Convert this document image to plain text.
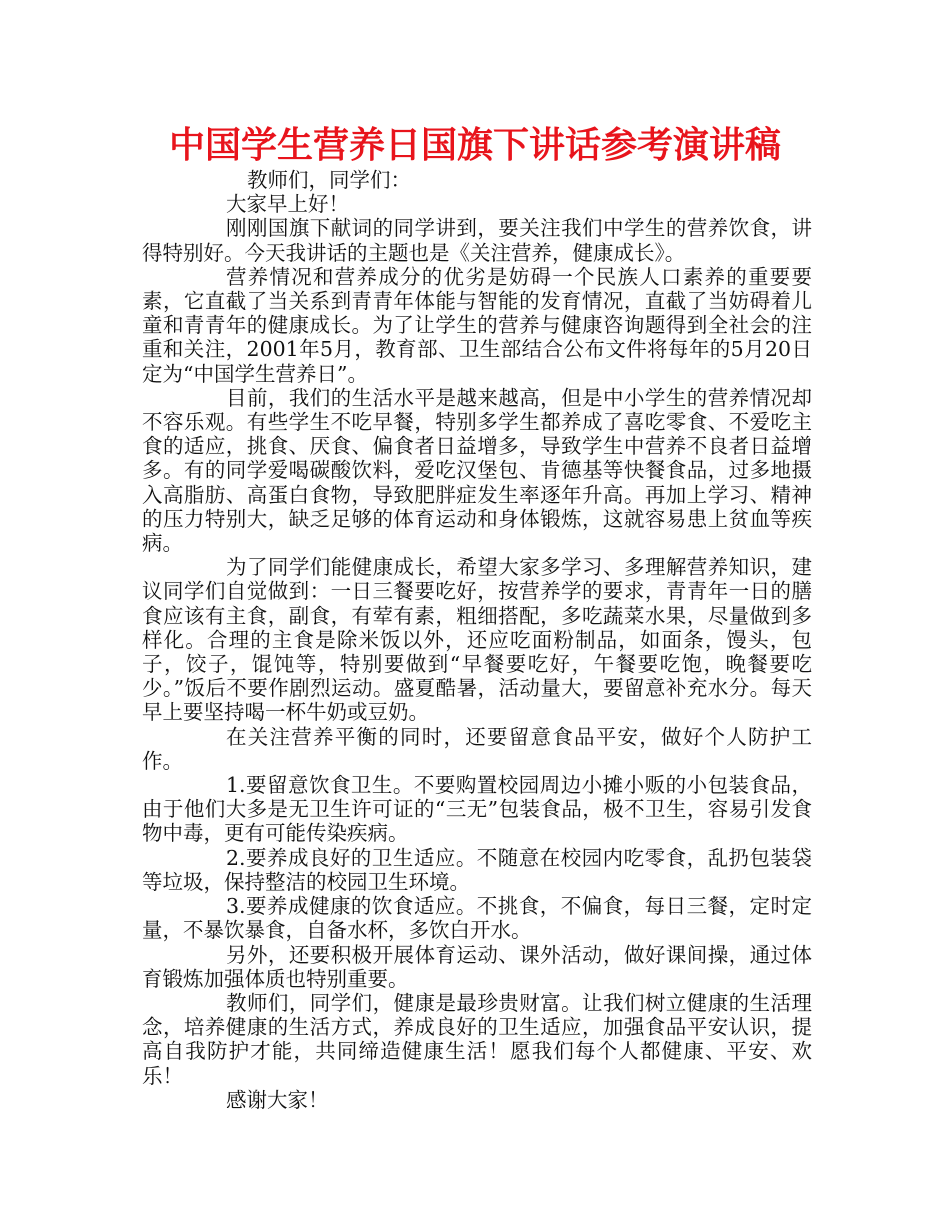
中国学生营养日国旗下讲话参考演讲稿

教师们，同学们：

大家早上好！

刚刚国旗下献词的同学讲到，要关注我们中学生的营养饮食，讲得特别好。今天我讲话的主题也是《关注营养，健康成长》。

营养情况和营养成分的优劣是妨碍一个民族人口素养的重要要素，它直截了当关系到青青年体能与智能的发育情况，直截了当妨碍着儿童和青青年的健康成长。为了让学生的营养与健康咨询题得到全社会的注重和关注，2001年5月，教育部、卫生部结合公布文件将每年的5月20日定为“中国学生营养日”。

目前，我们的生活水平是越来越高，但是中小学生的营养情况却不容乐观。有些学生不吃早餐，特别多学生都养成了喜吃零食、不爱吃主食的适应，挑食、厌食、偏食者日益增多，导致学生中营养不良者日益增多。有的同学爱喝碳酸饮料，爱吃汉堡包、肯德基等快餐食品，过多地摄入高脂肪、高蛋白食物，导致肥胖症发生率逐年升高。再加上学习、精神的压力特别大，缺乏足够的体育运动和身体锻炼，这就容易患上贫血等疾病。

为了同学们能健康成长，希望大家多学习、多理解营养知识，建议同学们自觉做到：一日三餐要吃好，按营养学的要求，青青年一日的膳食应该有主食，副食，有荤有素，粗细搭配，多吃蔬菜水果，尽量做到多样化。合理的主食是除米饭以外，还应吃面粉制品，如面条，馒头，包子，饺子，馄饨等，特别要做到“早餐要吃好，午餐要吃饱，晚餐要吃少。”饭后不要作剧烈运动。盛夏酷暑，活动量大，要留意补充水分。每天早上要坚持喝一杯牛奶或豆奶。

在关注营养平衡的同时，还要留意食品平安，做好个人防护工作。

1.要留意饮食卫生。不要购置校园周边小摊小贩的小包装食品，由于他们大多是无卫生许可证的“三无”包装食品，极不卫生，容易引发食物中毒，更有可能传染疾病。

2.要养成良好的卫生适应。不随意在校园内吃零食，乱扔包装袋等垃圾，保持整洁的校园卫生环境。

3.要养成健康的饮食适应。不挑食，不偏食，每日三餐，定时定量，不暴饮暴食，自备水杯，多饮白开水。

另外，还要积极开展体育运动、课外活动，做好课间操，通过体育锻炼加强体质也特别重要。

教师们，同学们，健康是最珍贵财富。让我们树立健康的生活理念，培养健康的生活方式，养成良好的卫生适应，加强食品平安认识，提高自我防护才能，共同缔造健康生活！愿我们每个人都健康、平安、欢乐！

感谢大家！
